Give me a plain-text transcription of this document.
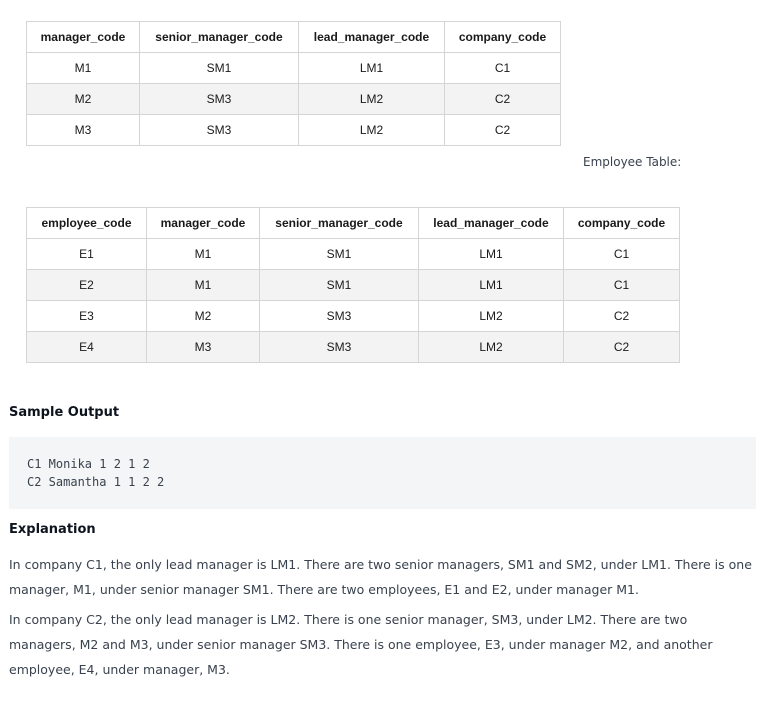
manager_code	senior_manager_code	lead_manager_code	company_code
M1	SM1	LM1	C1
M2	SM3	LM2	C2
M3	SM3	LM2	C2
Employee Table:
employee_code	manager_code	senior_manager_code	lead_manager_code	company_code
E1	M1	SM1	LM1	C1
E2	M1	SM1	LM1	C1
E3	M2	SM3	LM2	C2
E4	M3	SM3	LM2	C2
Sample Output
C1 Monika 1 2 1 2
C2 Samantha 1 1 2 2
Explanation

In company C1, the only lead manager is LM1. There are two senior managers, SM1 and SM2, under LM1. There is one manager, M1, under senior manager SM1. There are two employees, E1 and E2, under manager M1.

In company C2, the only lead manager is LM2. There is one senior manager, SM3, under LM2. There are two managers, M2 and M3, under senior manager SM3. There is one employee, E3, under manager M2, and another employee, E4, under manager, M3.
